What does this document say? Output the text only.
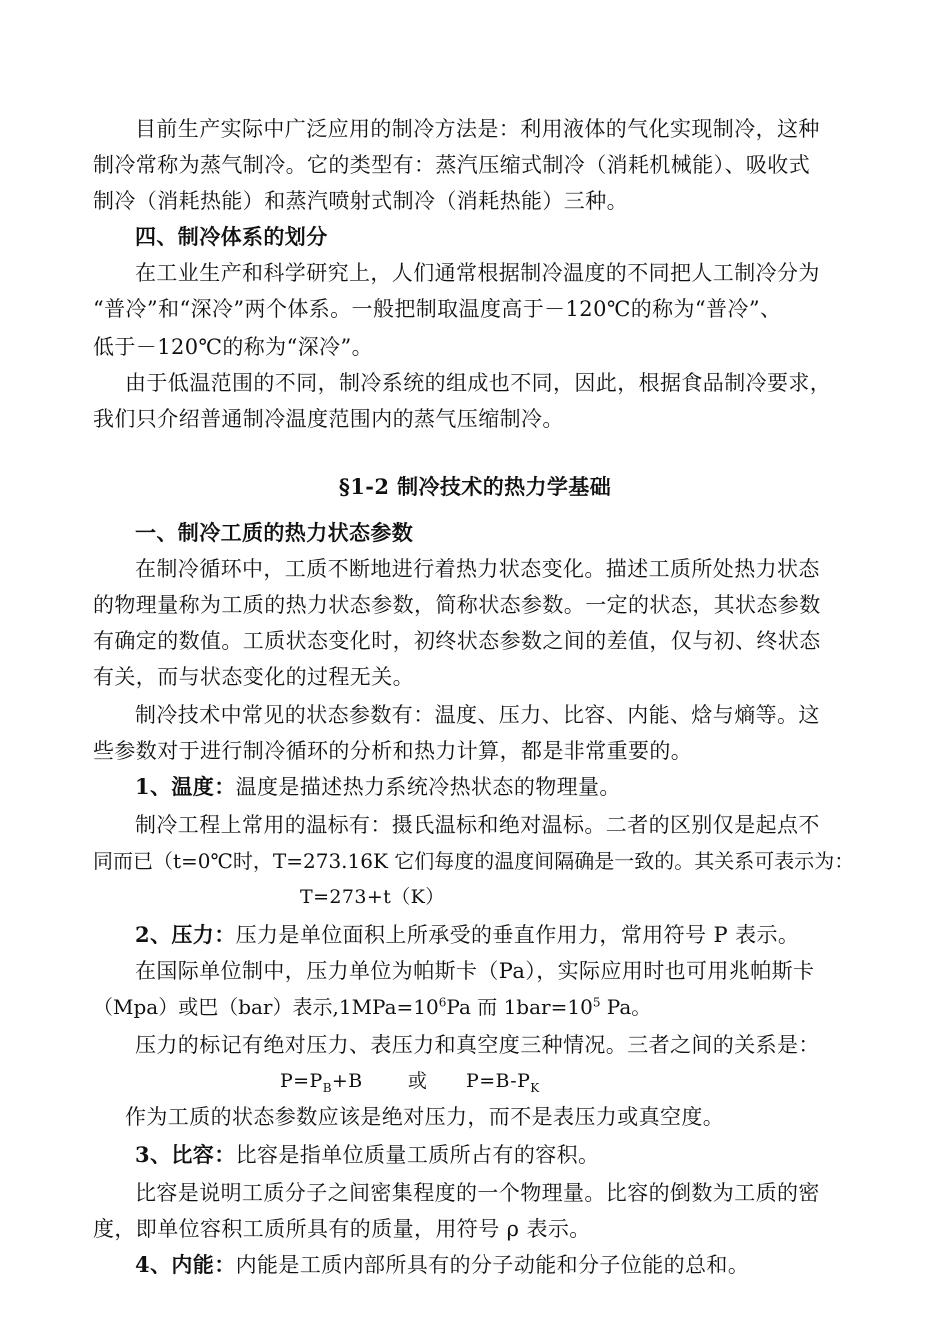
目前生产实际中广泛应用的制冷方法是：利用液体的气化实现制冷，这种
制冷常称为蒸气制冷。它的类型有：蒸汽压缩式制冷（消耗机械能）、吸收式
制冷（消耗热能）和蒸汽喷射式制冷（消耗热能）三种。
四、制冷体系的划分
在工业生产和科学研究上，人们通常根据制冷温度的不同把人工制冷分为
“普冷”和“深冷”两个体系。一般把制取温度高于－120℃的称为“普冷”、
低于－120℃的称为“深冷”。
由于低温范围的不同，制冷系统的组成也不同，因此，根据食品制冷要求，
我们只介绍普通制冷温度范围内的蒸气压缩制冷。
§1-2 制冷技术的热力学基础
一、制冷工质的热力状态参数
在制冷循环中，工质不断地进行着热力状态变化。描述工质所处热力状态
的物理量称为工质的热力状态参数，简称状态参数。一定的状态，其状态参数
有确定的数值。工质状态变化时，初终状态参数之间的差值，仅与初、终状态
有关，而与状态变化的过程无关。
制冷技术中常见的状态参数有：温度、压力、比容、内能、焓与熵等。这
些参数对于进行制冷循环的分析和热力计算，都是非常重要的。
1、温度：温度是描述热力系统冷热状态的物理量。
制冷工程上常用的温标有：摄氏温标和绝对温标。二者的区别仅是起点不
同而已（t=0℃时，T=273.16K 它们每度的温度间隔确是一致的。其关系可表示为：
T=273+t（K）
2、压力：压力是单位面积上所承受的垂直作用力，常用符号 P 表示。
在国际单位制中，压力单位为帕斯卡（Pa），实际应用时也可用兆帕斯卡
（Mpa）或巴（bar）表示$,1MPa=10^6Pa$ 而 $1bar=10^5$ Pa。
压力的标记有绝对压力、表压力和真空度三种情况。三者之间的关系是：
$P=P_B+B$　　 或　　$P=B-P_K$
作为工质的状态参数应该是绝对压力，而不是表压力或真空度。
3、比容：比容是指单位质量工质所占有的容积。
比容是说明工质分子之间密集程度的一个物理量。比容的倒数为工质的密
度，即单位容积工质所具有的质量，用符号 ρ 表示。
4、内能：内能是工质内部所具有的分子动能和分子位能的总和。
